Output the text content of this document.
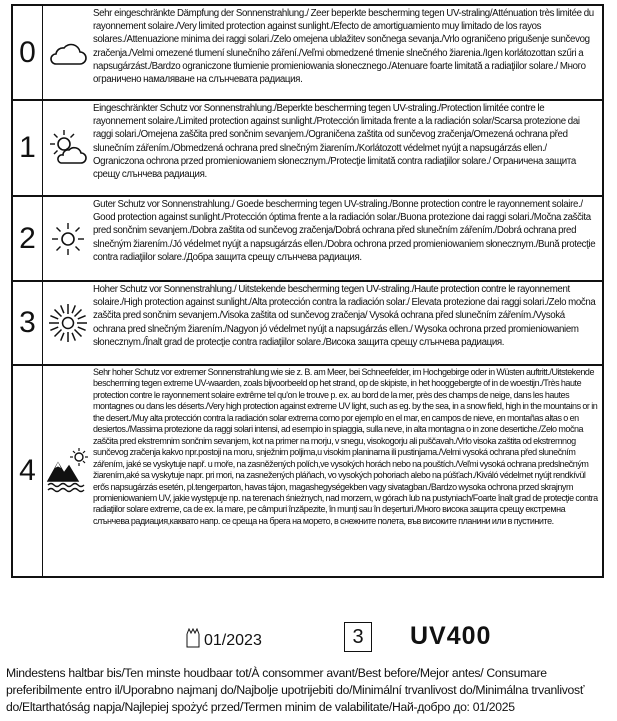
0
Sehr eingeschränkte Dämpfung der Sonnenstrahlung./ Zeer beperkte bescherming tegen UV-straling/Atténuation très limitée du rayonnement solaire./Very limited protection against sunlight./Efecto de amortiguamiento muy limitado de los rayos solares./Attenuazione minima dei raggi solari./Zelo omejena ublažitev sončnega sevanja./Vrlo ograničeno prigušenje sunčevog zračenja./Velmi omezené tlumení slunečního záření./Veľmi obmedzené tlmenie slnečného žiarenia./Igen korlátozottan szűri a napsugárzást./Bardzo ograniczone tłumienie promieniowania słonecznego./Atenuare foarte limitată a radiaţiilor solare./ Много ограничено намаляване на слънчевата радиация.
1
Eingeschränkter Schutz vor Sonnenstrahlung./Beperkte bescherming tegen UV-straling./Protection limitée contre le rayonnement solaire./Limited protection against sunlight./Protección limitada frente a la radiación solar/Scarsa protezione dai raggi solari./Omejena zaščita pred sončnim sevanjem./Ograničena zaštita od sunčevog zračenja/Omezená ochrana před slunečním zářením./Obmedzená ochrana pred slnečným žiarením./Korlátozott védelmet nyújt a napsugárzás ellen./ Ograniczona ochrona przed promieniowaniem słonecznym./Protecţie limitată contra radiaţiilor solare./ Ограничена защита срещу слънчева радиация.
2
Guter Schutz vor Sonnenstrahlung./ Goede bescherming tegen UV-straling./Bonne protection contre le rayonnement solaire./ Good protection against sunlight./Protección óptima frente a la radiación solar./Buona protezione dai raggi solari./Močna zaščita pred sončnim sevanjem./Dobra zaštita od sunčevog zračenja/Dobrá ochrana před slunečním zářením./Dobrá ochrana pred slnečným žiarením./Jó védelmet nyújt a napsugárzás ellen./Dobra ochrona przed promieniowaniem słonecznym./Bună protecţie contra radiaţiilor solare./Добра защита срещу слънчева радиация.
3
Hoher Schutz vor Sonnenstrahlung./ Uitstekende bescherming tegen UV-straling./Haute protection contre le rayonnement solaire./High protection against sunlight./Alta protección contra la radiación solar./ Elevata protezione dai raggi solari./Zelo močna zaščita pred sončnim sevanjem./Visoka zaštita od sunčevog zračenja/ Vysoká ochrana před slunečním zářením./Vysoká ochrana pred slnečným žiarením./Nagyon jó védelmet nyújt a napsugárzás ellen./ Wysoka ochrona przed promieniowaniem słonecznym./Înalt grad de protecţie contra radiaţiilor solare./Висока защита срещу слънчева радиация.
4
Sehr hoher Schutz vor extremer Sonnenstrahlung wie sie z. B. am Meer, bei Schneefelder, im Hochgebirge oder in Wüsten auftritt./Uitstekende bescherming tegen extreme UV-waarden, zoals bijvoorbeeld op het strand, op de skipiste, in het hooggebergte of in de woestijn./Très haute protection contre le rayonnement solaire extrême tel qu'on le trouve p. ex. au bord de la mer, près des champs de neige, dans les hautes montagnes ou dans les déserts./Very high protection against extreme UV light, such as eg. by the sea, in a snow field, high in the mountains or in the desert./Muy alta protección contra la radiación solar extrema como por ejemplo en el mar, en campos de nieve, en montañas altas o en desiertos./Massima protezione da raggi solari intensi, ad esempio in spiaggia, sulla neve, in alta montagna o in zone desertiche./Zelo močna zaščita pred ekstremnim sončnim sevanjem, kot na primer na morju, v snegu, visokogorju ali puščavah./Vrlo visoka zaštita od ekstremnog sunčevog zračenja kakvo npr.postoji na moru, snježnim poljima,u visokim planinama ili pustinjama./Velmi vysoká ochrana před slunečním zářením, jaké se vyskytuje např. u moře, na zasněžených polích,ve vysokých horách nebo na pouštích./Veľmi vysoká ochrana predslnečným žiarením,aké sa vyskytuje napr. pri mori, na zasnežených pláňach, vo vysokých pohoriach alebo na púšťach./Kiváló védelmet nyújt rendkívül erős napsugárzás esetén, pl.tengerparton, havas tájon, magashegységekben vagy sivatagban./Bardzo wysoka ochrona przed skrajnym promieniowaniem UV, jakie występuje np. na terenach śnieżnych, nad morzem, w górach lub na pustyniach/Foarte înalt grad de protecţie contra radiaţiilor solare extreme, ca de ex. la mare, pe câmpuri înzăpezite, în munţi sau în deşerturi./Много висока защита срещу екстремна слънчева радиация,каквато напр. се среща на брега на морето, в снежните полета, във високите планини или в пустините.
01/2023	3	UV400
Mindestens haltbar bis/Ten minste houdbaar tot/À consommer avant/Best before/Mejor antes/ Consumare preferibilmente entro il/Uporabno najmanj do/Najbolje upotrijebiti do/Minimální trvanlivost do/Minimálna trvanlivosť do/Eltarthatóság napja/Najlepiej spożyć przed/Termen minim de valabilitate/Най-добро до: 01/2025
